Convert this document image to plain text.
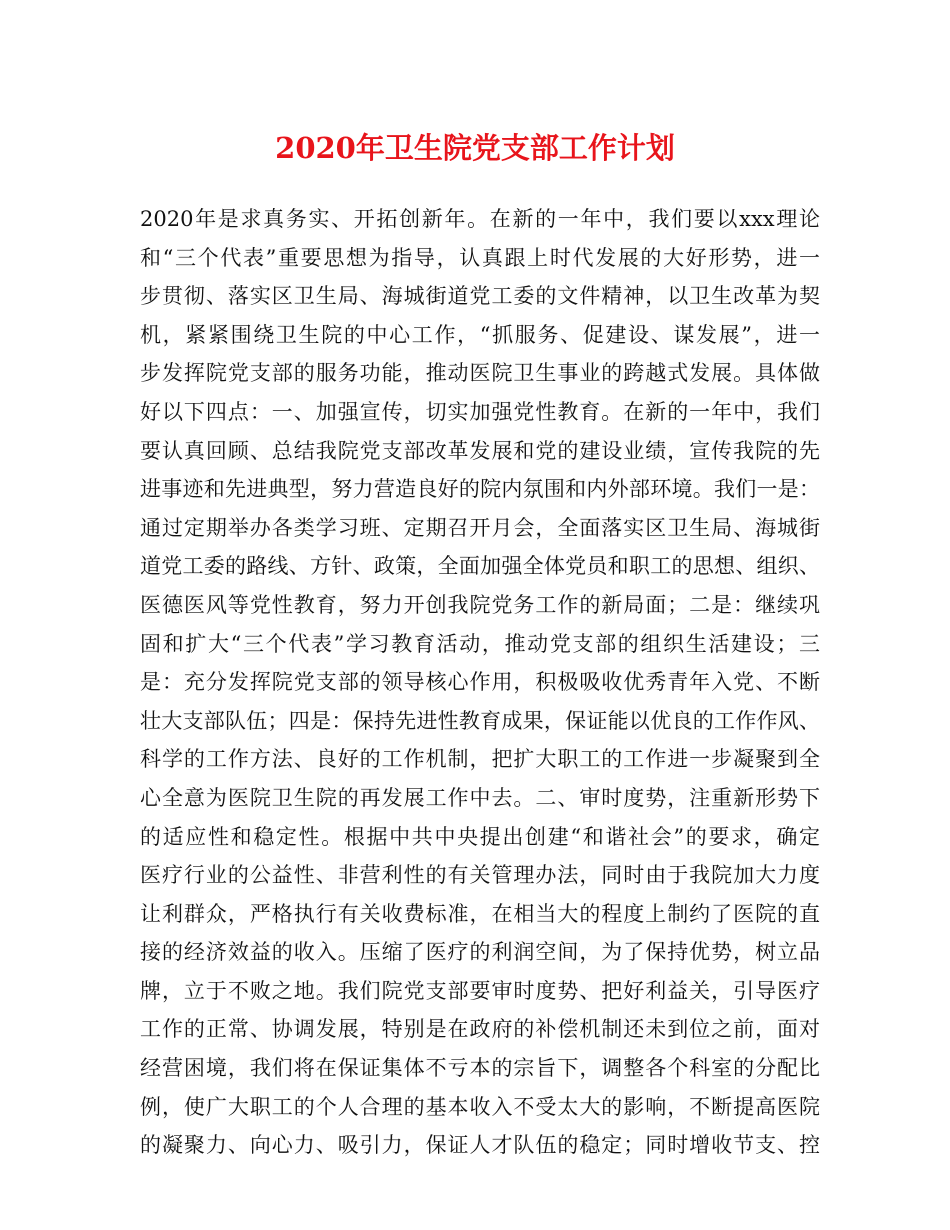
2020年卫生院党支部工作计划
2020年是求真务实、开拓创新年。在新的一年中，我们要以xxx理论
和“三个代表”重要思想为指导，认真跟上时代发展的大好形势，进一
步贯彻、落实区卫生局、海城街道党工委的文件精神，以卫生改革为契
机，紧紧围绕卫生院的中心工作，“抓服务、促建设、谋发展”，进一
步发挥院党支部的服务功能，推动医院卫生事业的跨越式发展。具体做
好以下四点：一、加强宣传，切实加强党性教育。在新的一年中，我们
要认真回顾、总结我院党支部改革发展和党的建设业绩，宣传我院的先
进事迹和先进典型，努力营造良好的院内氛围和内外部环境。我们一是：
通过定期举办各类学习班、定期召开月会，全面落实区卫生局、海城街
道党工委的路线、方针、政策，全面加强全体党员和职工的思想、组织、
医德医风等党性教育，努力开创我院党务工作的新局面；二是：继续巩
固和扩大“三个代表”学习教育活动，推动党支部的组织生活建设；三
是：充分发挥院党支部的领导核心作用，积极吸收优秀青年入党、不断
壮大支部队伍；四是：保持先进性教育成果，保证能以优良的工作作风、
科学的工作方法、良好的工作机制，把扩大职工的工作进一步凝聚到全
心全意为医院卫生院的再发展工作中去。二、审时度势，注重新形势下
的适应性和稳定性。根据中共中央提出创建“和谐社会”的要求，确定
医疗行业的公益性、非营利性的有关管理办法，同时由于我院加大力度
让利群众，严格执行有关收费标准，在相当大的程度上制约了医院的直
接的经济效益的收入。压缩了医疗的利润空间，为了保持优势，树立品
牌，立于不败之地。我们院党支部要审时度势、把好利益关，引导医疗
工作的正常、协调发展，特别是在政府的补偿机制还未到位之前，面对
经营困境，我们将在保证集体不亏本的宗旨下，调整各个科室的分配比
例，使广大职工的个人合理的基本收入不受太大的影响，不断提高医院
的凝聚力、向心力、吸引力，保证人才队伍的稳定；同时增收节支、控
